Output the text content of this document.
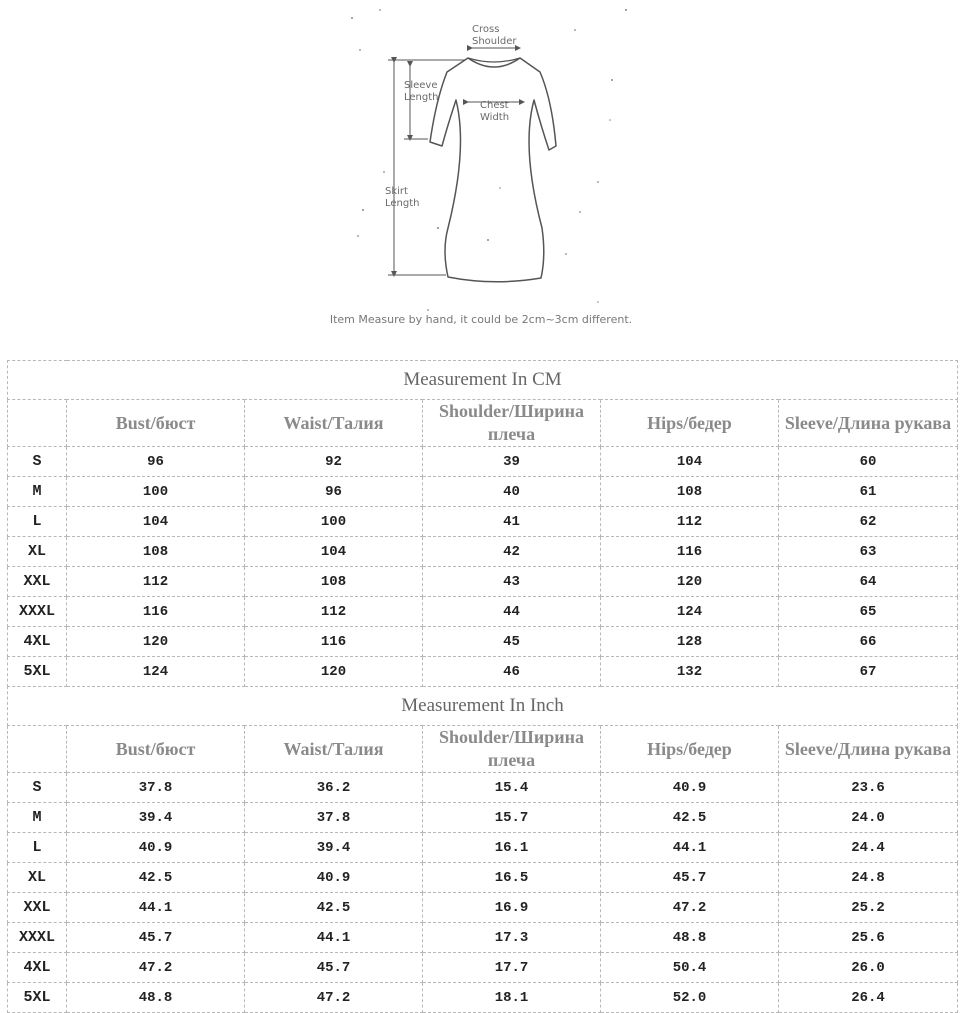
Cross
Shoulder
Sleeve
Length
Chest
Width
Skirt
Length
Item Measure by hand, it could be 2cm~3cm different.
Measurement In CM					
	Bust/бюст	Waist/Талия	Shoulder/Ширина плеча	Hips/бедер	Sleeve/Длина рукава
S	96	92	39	104	60
M	100	96	40	108	61
L	104	100	41	112	62
XL	108	104	42	116	63
XXL	112	108	43	120	64
XXXL	116	112	44	124	65
4XL	120	116	45	128	66
5XL	124	120	46	132	67
Measurement In Inch					
	Bust/бюст	Waist/Талия	Shoulder/Ширина плеча	Hips/бедер	Sleeve/Длина рукава
S	37.8	36.2	15.4	40.9	23.6
M	39.4	37.8	15.7	42.5	24.0
L	40.9	39.4	16.1	44.1	24.4
XL	42.5	40.9	16.5	45.7	24.8
XXL	44.1	42.5	16.9	47.2	25.2
XXXL	45.7	44.1	17.3	48.8	25.6
4XL	47.2	45.7	17.7	50.4	26.0
5XL	48.8	47.2	18.1	52.0	26.4
